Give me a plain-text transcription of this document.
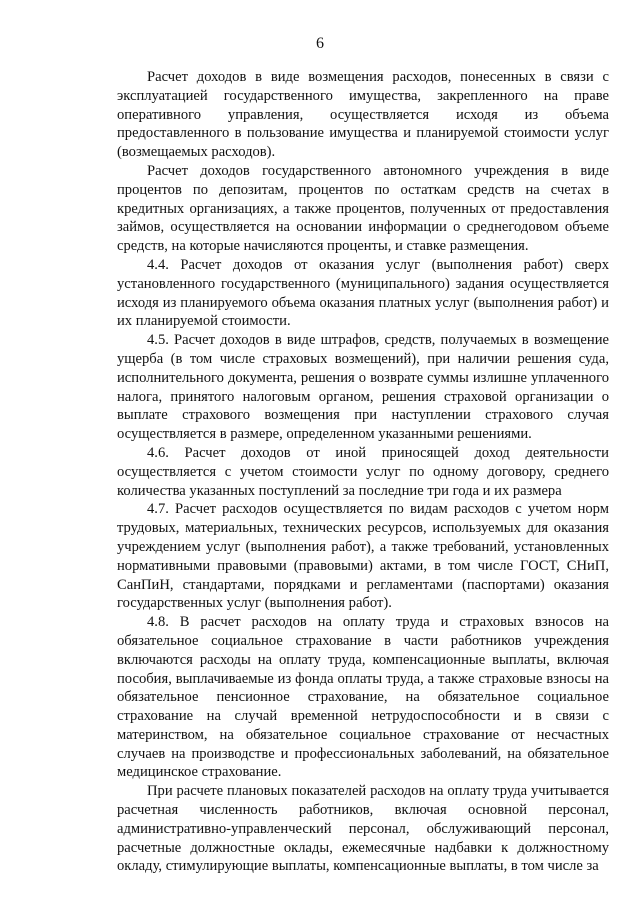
6

Расчет доходов в виде возмещения расходов, понесенных в связи с эксплуатацией государственного имущества, закрепленного на праве оперативного управления, осуществляется исходя из объема предоставленного в пользование имущества и планируемой стоимости услуг (возмещаемых расходов).

Расчет доходов государственного автономного учреждения в виде процентов по депозитам, процентов по остаткам средств на счетах в кредитных организациях, а также процентов, полученных от предоставления займов, осуществляется на основании информации о среднегодовом объеме средств, на которые начисляются проценты, и ставке размещения.

4.4. Расчет доходов от оказания услуг (выполнения работ) сверх установленного государственного (муниципального) задания осуществляется исходя из планируемого объема оказания платных услуг (выполнения работ) и их планируемой стоимости.

4.5. Расчет доходов в виде штрафов, средств, получаемых в возмещение ущерба (в том числе страховых возмещений), при наличии решения суда, исполнительного документа, решения о возврате суммы излишне уплаченного налога, принятого налоговым органом, решения страховой организации о выплате страхового возмещения при наступлении страхового случая осуществляется в размере, определенном указанными решениями.

4.6. Расчет доходов от иной приносящей доход деятельности осуществляется с учетом стоимости услуг по одному договору, среднего количества указанных поступлений за последние три года и их размера

4.7. Расчет расходов осуществляется по видам расходов с учетом норм трудовых, материальных, технических ресурсов, используемых для оказания учреждением услуг (выполнения работ), а также требований, установленных нормативными правовыми (правовыми) актами, в том числе ГОСТ, СНиП, СанПиН, стандартами, порядками и регламентами (паспортами) оказания государственных услуг (выполнения работ).

4.8. В расчет расходов на оплату труда и страховых взносов на обязательное социальное страхование в части работников учреждения включаются расходы на оплату труда, компенсационные выплаты, включая пособия, выплачиваемые из фонда оплаты труда, а также страховые взносы на обязательное пенсионное страхование, на обязательное социальное страхование на случай временной нетрудоспособности и в связи с материнством, на обязательное социальное страхование от несчастных случаев на производстве и профессиональных заболеваний, на обязательное медицинское страхование.

При расчете плановых показателей расходов на оплату труда учитывается расчетная численность работников, включая основной персонал, административно-управленческий персонал, обслуживающий персонал, расчетные должностные оклады, ежемесячные надбавки к должностному окладу, стимулирующие выплаты, компенсационные выплаты, в том числе за
